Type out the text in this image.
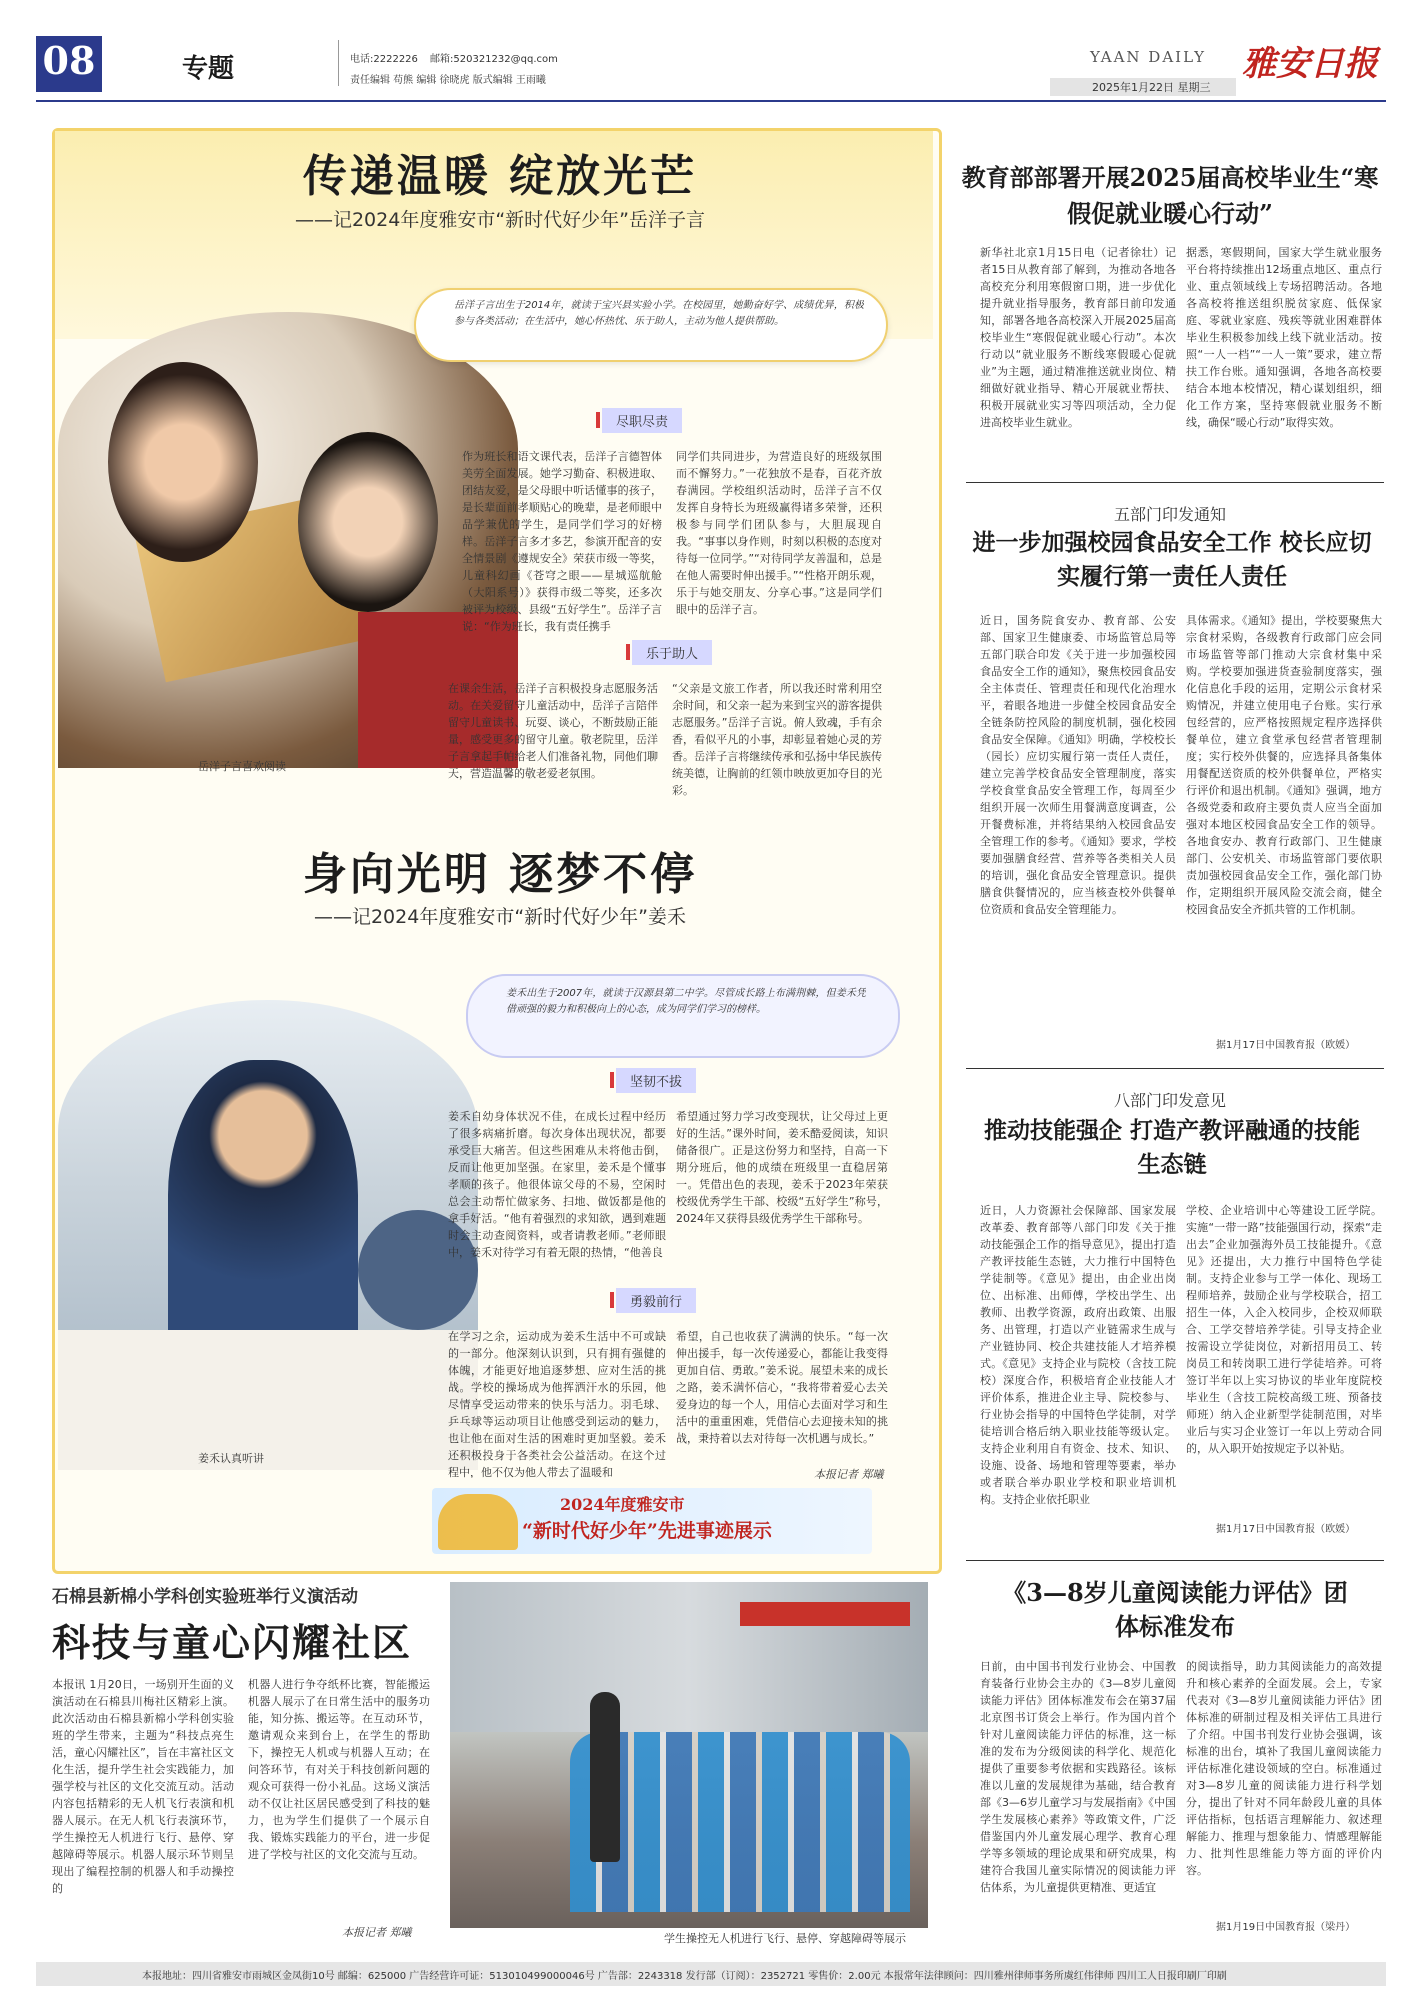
08	专题	电话:2222226 邮箱:520321232@qq.com
责任编辑 苟熊 编辑 徐晓虎 版式编辑 王雨曦
YAAN DAILY 雅安日报
2025年1月22日 星期三
传递温暖 绽放光芒
——记2024年度雅安市“新时代好少年”岳洋子言
岳洋子言喜欢阅读
岳洋子言出生于2014年，就读于宝兴县实验小学。在校园里，她勤奋好学、成绩优异，积极参与各类活动；在生活中，她心怀热忱、乐于助人，主动为他人提供帮助。
尽职尽责
作为班长和语文课代表，岳洋子言德智体美劳全面发展。她学习勤奋、积极进取、团结友爱，是父母眼中听话懂事的孩子，是长辈面前孝顺贴心的晚辈，是老师眼中品学兼优的学生，是同学们学习的好榜样。岳洋子言多才多艺，参演开配音的安全情景剧《遵规安全》荣获市级一等奖，儿童科幻画《苍穹之眼——星城巡航舱（大阳系号）》获得市级二等奖，还多次被评为校级、县级“五好学生”。岳洋子言说：“作为班长，我有责任携手
同学们共同进步，为营造良好的班级氛围而不懈努力。”一花独放不是春，百花齐放春满园。学校组织活动时，岳洋子言不仅发挥自身特长为班级赢得诸多荣誉，还积极参与同学们团队参与，大胆展现自我。“事事以身作则，时刻以积极的态度对待每一位同学。”“对待同学友善温和，总是在他人需要时伸出援手。”“性格开朗乐观，乐于与她交朋友、分享心事。”这是同学们眼中的岳洋子言。
乐于助人
在课余生活，岳洋子言积极投身志愿服务活动。在关爱留守儿童活动中，岳洋子言陪伴留守儿童读书、玩耍、谈心，不断鼓励正能量，感受更多的留守儿童。敬老院里，岳洋子言拿起手帕给老人们准备礼物，同他们聊天，营造温馨的敬老爱老氛围。
“父亲是文旅工作者，所以我还时常利用空余时间，和父亲一起为来到宝兴的游客提供志愿服务。”岳洋子言说。俯人致魂，手有余香，看似平凡的小事，却彰显着她心灵的芳香。岳洋子言将继续传承和弘扬中华民族传统美德，让胸前的红领巾映放更加夺目的光彩。
身向光明 逐梦不停
——记2024年度雅安市“新时代好少年”姜禾
姜禾出生于2007年，就读于汉源县第二中学。尽管成长路上布满荆棘，但姜禾凭借顽强的毅力和积极向上的心态，成为同学们学习的榜样。
姜禾认真听讲
坚韧不拔
姜禾自幼身体状况不佳，在成长过程中经历了很多病痛折磨。每次身体出现状况，都要承受巨大痛苦。但这些困难从未将他击倒，反而让他更加坚强。在家里，姜禾是个懂事孝顺的孩子。他很体谅父母的不易，空闲时总会主动帮忙做家务、扫地、做饭都是他的拿手好活。“他有着强烈的求知欲，遇到难题时会主动查阅资料，或者请教老师。”老师眼中，姜禾对待学习有着无限的热情，“他善良
希望通过努力学习改变现状，让父母过上更好的生活。”课外时间，姜禾酷爱阅读，知识储备很广。正是这份努力和坚持，自高一下期分班后，他的成绩在班级里一直稳居第一。凭借出色的表现，姜禾于2023年荣获校级优秀学生干部、校级“五好学生”称号，2024年又获得县级优秀学生干部称号。
勇毅前行
在学习之余，运动成为姜禾生活中不可或缺的一部分。他深刻认识到，只有拥有强健的体魄，才能更好地追逐梦想、应对生活的挑战。学校的操场成为他挥洒汗水的乐园，他尽情享受运动带来的快乐与活力。羽毛球、乒乓球等运动项目让他感受到运动的魅力，也让他在面对生活的困难时更加坚毅。姜禾还积极投身于各类社会公益活动。在这个过程中，他不仅为他人带去了温暖和
希望，自己也收获了满满的快乐。“每一次伸出援手，每一次传递爱心，都能让我变得更加自信、勇敢。”姜禾说。展望未来的成长之路，姜禾满怀信心，“我将带着爱心去关爱身边的每一个人，用信心去面对学习和生活中的重重困难，凭借信心去迎接未知的挑战，秉持着以去对待每一次机遇与成长。”
本报记者 郑曦
2024年度雅安市
“新时代好少年”先进事迹展示
教育部部署开展2025届高校毕业生“寒假促就业暖心行动”
新华社北京1月15日电（记者徐壮）记者15日从教育部了解到，为推动各地各高校充分利用寒假窗口期，进一步优化提升就业指导服务，教育部日前印发通知，部署各地各高校深入开展2025届高校毕业生“寒假促就业暖心行动”。本次行动以“就业服务不断线寒假暖心促就业”为主题，通过精准推送就业岗位、精细做好就业指导、精心开展就业帮扶、积极开展就业实习等四项活动，全力促进高校毕业生就业。
据悉，寒假期间，国家大学生就业服务平台将持续推出12场重点地区、重点行业、重点领域线上专场招聘活动。各地各高校将推送组织脱贫家庭、低保家庭、零就业家庭、残疾等就业困难群体毕业生积极参加线上线下就业活动。按照“一人一档”“一人一策”要求，建立帮扶工作台账。通知强调，各地各高校要结合本地本校情况，精心谋划组织，细化工作方案，坚持寒假就业服务不断线，确保“暖心行动”取得实效。
五部门印发通知
进一步加强校园食品安全工作 校长应切实履行第一责任人责任
近日，国务院食安办、教育部、公安部、国家卫生健康委、市场监管总局等五部门联合印发《关于进一步加强校园食品安全工作的通知》，聚焦校园食品安全主体责任、管理责任和现代化治理水平，着眼各地进一步健全校园食品安全全链条防控风险的制度机制，强化校园食品安全保障。《通知》明确，学校校长（园长）应切实履行第一责任人责任，建立完善学校食品安全管理制度，落实学校食堂食品安全管理工作，每周至少组织开展一次师生用餐满意度调查，公开餐费标准，并将结果纳入校园食品安全管理工作的参考。《通知》要求，学校要加强膳食经营、营养等各类相关人员的培训，强化食品安全管理意识。提供膳食供餐情况的，应当核查校外供餐单位资质和食品安全管理能力。
具体需求。《通知》提出，学校要聚焦大宗食材采购，各级教育行政部门应会同市场监管等部门推动大宗食材集中采购。学校要加强进货查验制度落实，强化信息化手段的运用，定期公示食材采购情况，并建立使用电子台账。实行承包经营的，应严格按照规定程序选择供餐单位，建立食堂承包经营者管理制度；实行校外供餐的，应选择具备集体用餐配送资质的校外供餐单位，严格实行评价和退出机制。《通知》强调，地方各级党委和政府主要负责人应当全面加强对本地区校园食品安全工作的领导。各地食安办、教育行政部门、卫生健康部门、公安机关、市场监管部门要依职责加强校园食品安全工作，强化部门协作，定期组织开展风险交流会商，健全校园食品安全齐抓共管的工作机制。
据1月17日中国教育报（欧媛）
八部门印发意见
推动技能强企 打造产教评融通的技能生态链
近日，人力资源社会保障部、国家发展改革委、教育部等八部门印发《关于推动技能强企工作的指导意见》，提出打造产教评技能生态链，大力推行中国特色学徒制等。《意见》提出，由企业出岗位、出标准、出师傅，学校出学生、出教师、出教学资源，政府出政策、出服务、出管理，打造以产业链需求生成与产业链协同、校企共建技能人才培养模式。《意见》支持企业与院校（含技工院校）深度合作，积极培育企业技能人才评价体系，推进企业主导、院校参与、行业协会指导的中国特色学徒制，对学徒培训合格后纳入职业技能等级认定。支持企业利用自有资金、技术、知识、设施、设备、场地和管理等要素，举办或者联合举办职业学校和职业培训机构。支持企业依托职业
学校、企业培训中心等建设工匠学院。实施“一带一路”技能强国行动，探索“走出去”企业加强海外员工技能提升。《意见》还提出，大力推行中国特色学徒制。支持企业参与工学一体化、现场工程师培养，鼓励企业与学校联合，招工招生一体，入企入校同步，企校双师联合、工学交替培养学徒。引导支持企业按需设立学徒岗位，对新招用员工、转岗员工和转岗职工进行学徒培养。可将签订半年以上实习协议的毕业年度院校毕业生（含技工院校高级工班、预备技师班）纳入企业新型学徒制范围，对毕业后与实习企业签订一年以上劳动合同的，从入职开始按规定予以补贴。
据1月17日中国教育报（欧媛）
《3—8岁儿童阅读能力评估》团体标准发布
日前，由中国书刊发行业协会、中国教育装备行业协会主办的《3—8岁儿童阅读能力评估》团体标准发布会在第37届北京图书订货会上举行。作为国内首个针对儿童阅读能力评估的标准，这一标准的发布为分级阅读的科学化、规范化提供了重要参考依据和实践路径。该标准以儿童的发展规律为基础，结合教育部《3—6岁儿童学习与发展指南》《中国学生发展核心素养》等政策文件，广泛借鉴国内外儿童发展心理学、教育心理学等多领域的理论成果和研究成果，构建符合我国儿童实际情况的阅读能力评估体系，为儿童提供更精准、更适宜
的阅读指导，助力其阅读能力的高效提升和核心素养的全面发展。会上，专家代表对《3—8岁儿童阅读能力评估》团体标准的研制过程及相关评估工具进行了介绍。中国书刊发行业协会强调，该标准的出台，填补了我国儿童阅读能力评估标准化建设领域的空白。标准通过对3—8岁儿童的阅读能力进行科学划分，提出了针对不同年龄段儿童的具体评估指标，包括语言理解能力、叙述理解能力、推理与想象能力、情感理解能力、批判性思维能力等方面的评价内容。
据1月19日中国教育报（梁丹）
石棉县新棉小学科创实验班举行义演活动
科技与童心闪耀社区
本报讯 1月20日，一场别开生面的义演活动在石棉县川梅社区精彩上演。此次活动由石棉县新棉小学科创实验班的学生带来，主题为“科技点亮生活，童心闪耀社区”，旨在丰富社区文化生活，提升学生社会实践能力，加强学校与社区的文化交流互动。活动内容包括精彩的无人机飞行表演和机器人展示。在无人机飞行表演环节，学生操控无人机进行飞行、悬停、穿越障碍等展示。机器人展示环节则呈现出了编程控制的机器人和手动操控的
机器人进行争夺纸杯比赛，智能搬运机器人展示了在日常生活中的服务功能，知分拣、搬运等。在互动环节，邀请观众来到台上，在学生的帮助下，操控无人机或与机器人互动；在问答环节，有对关于科技创新问题的观众可获得一份小礼品。这场义演活动不仅让社区居民感受到了科技的魅力，也为学生们提供了一个展示自我、锻炼实践能力的平台，进一步促进了学校与社区的文化交流与互动。
本报记者 郑曦	学生操控无人机进行飞行、悬停、穿越障碍等展示
本报地址：四川省雅安市雨城区金凤街10号 邮编：625000 广告经营许可证：513010499000046号 广告部：2243318 发行部（订阅）：2352721 零售价：2.00元 本报常年法律顾问：四川雅州律师事务所虞红伟律师 四川工人日报印刷厂印刷
